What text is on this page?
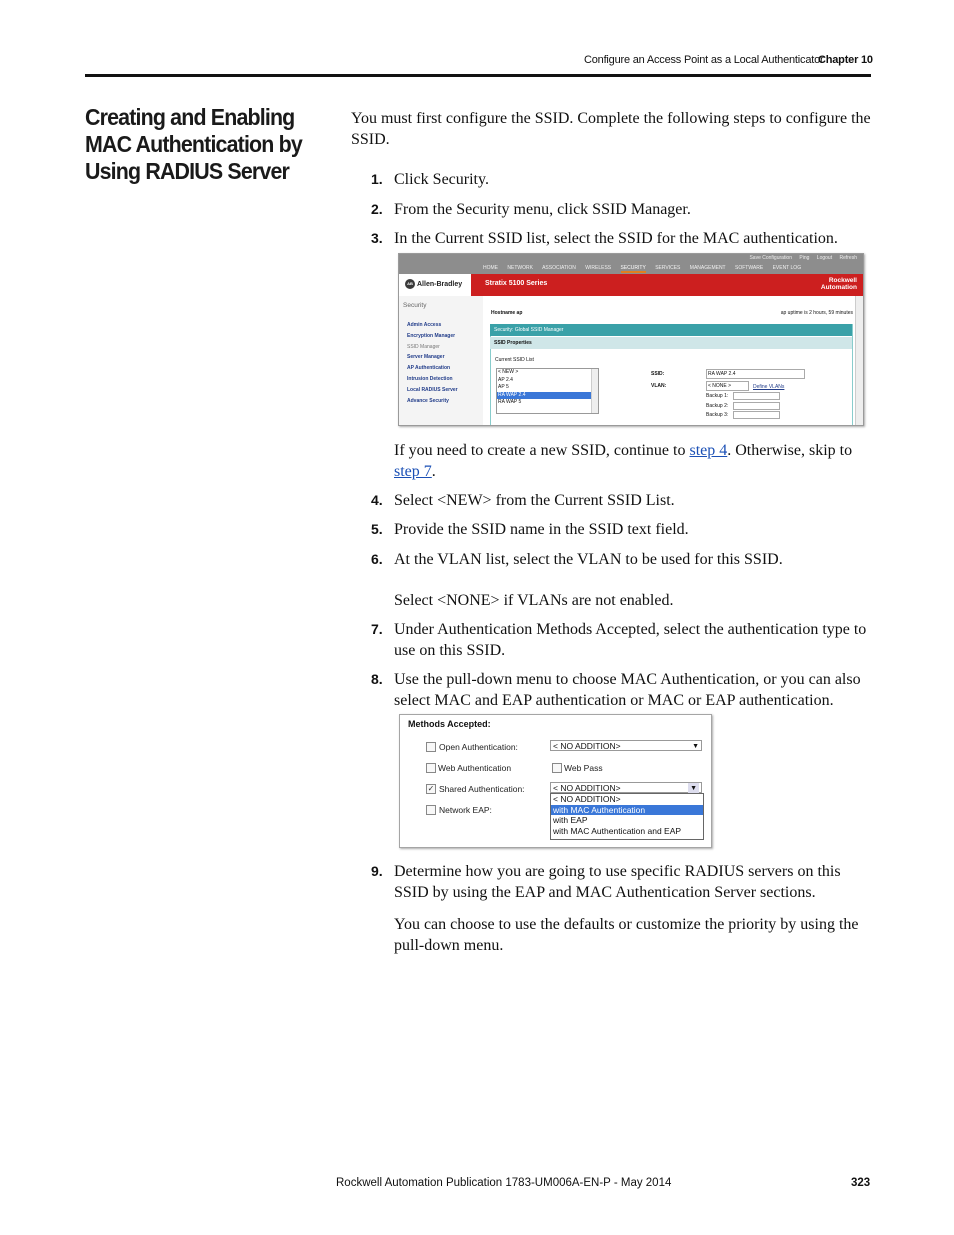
Configure an Access Point as a Local Authenticator
Chapter 10
Creating and Enabling MAC Authentication by Using RADIUS Server
You must first configure the SSID. Complete the following steps to configure the SSID.
1. Click Security.
2. From the Security menu, click SSID Manager.
3. In the Current SSID list, select the SSID for the MAC authentication.
Save Configuration Ping Logout Refresh
HOME NETWORK ASSOCIATION WIRELESS SECURITY SERVICES MANAGEMENT SOFTWARE EVENT LOG
AB Allen-Bradley	Stratix 5100 Series	Rockwell
Automation
Security
Admin Access
Encryption Manager
SSID Manager
Server Manager
AP Authentication
Intrusion Detection
Local RADIUS Server
Advance Security
Hostname ap	ap uptime is 2 hours, 59 minutes
Security: Global SSID Manager
SSID Properties
Current SSID List
< NEW >
AP 2.4
AP 5
RA WAP 2.4
RA WAP 5
SSID:	RA WAP 2.4
VLAN:	< NONE >	Define VLANs
Backup 1:
Backup 2:
Backup 3:
If you need to create a new SSID, continue to step 4. Otherwise, skip to step 7.
4. Select <NEW> from the Current SSID List.
5. Provide the SSID name in the SSID text field.
6. At the VLAN list, select the VLAN to be used for this SSID.
Select <NONE> if VLANs are not enabled.
7. Under Authentication Methods Accepted, select the authentication type to use on this SSID.
8. Use the pull-down menu to choose MAC Authentication, or you can also select MAC and EAP authentication or MAC or EAP authentication.
Methods Accepted:
Open Authentication:	< NO ADDITION>	▼
Web Authentication	Web Pass
✓ Shared Authentication:	< NO ADDITION>	▼
Network EAP:
< NO ADDITION>
with MAC Authentication
with EAP
with MAC Authentication and EAP
9. Determine how you are going to use specific RADIUS servers on this SSID by using the EAP and MAC Authentication Server sections.
You can choose to use the defaults or customize the priority by using the pull-down menu.
Rockwell Automation Publication 1783-UM006A-EN-P - May 2014	323
